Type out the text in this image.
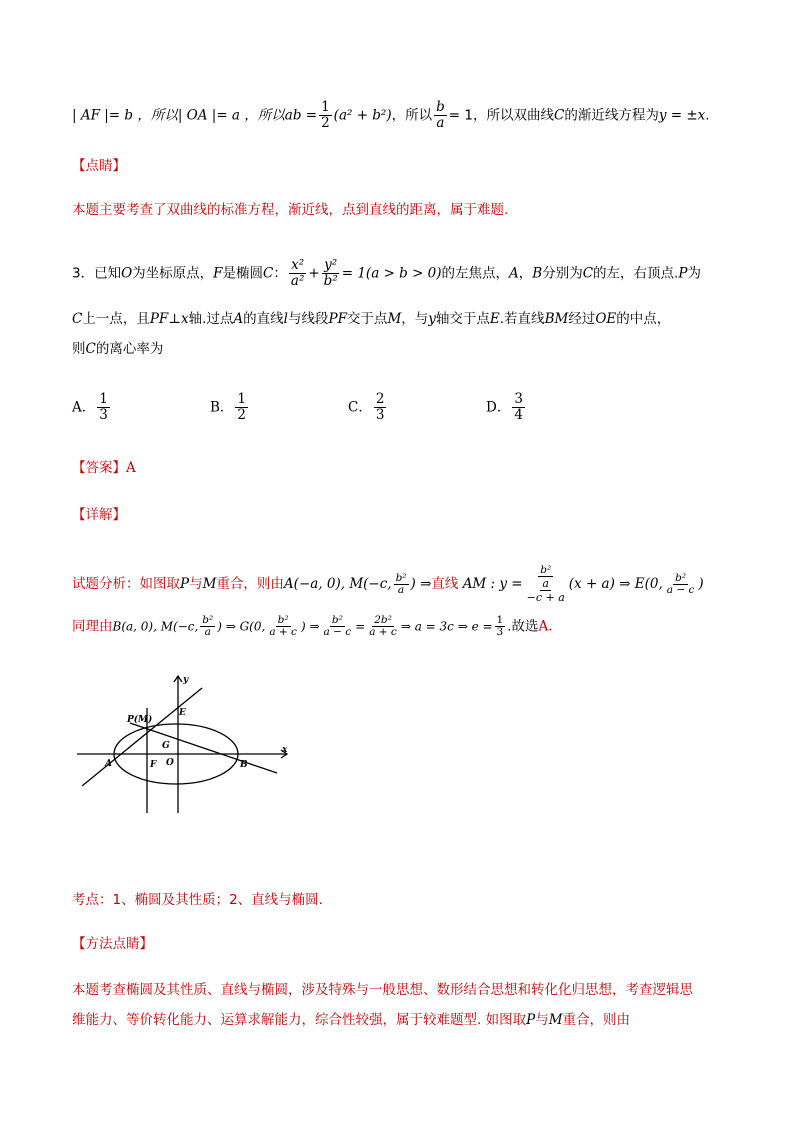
| AF |= b ，所以| OA |= a ，所以ab = $\frac{1}{2} (a^2 + b^2)$，所以 $\frac{b}{a} = 1$，所以双曲线C的渐近线方程为y = ±x.
【点睛】
本题主要考查了双曲线的标准方程，渐近线，点到直线的距离，属于难题.
3．已知O为坐标原点，F是椭圆C： $\frac{\text{x²}}{\text{a²}} + \frac{\text{y²}}{\text{b²}} = 1(a > b > 0)$的左焦点，A，B分别为C的左，右顶点.P为
C上一点，且PF⊥x轴.过点A的直线l与线段PF交于点M，与y轴交于点E.若直线BM经过OE的中点，
则C的离心率为
A． $\frac{1}{3}$	B． $\frac{1}{2}$	C． $\frac{2}{3}$	D． $\frac{3}{4}$
【答案】A
【详解】
试题分析：如图取P与M重合，则由A(−a, 0), M(−c, $\frac{\text{b²}}{a}$ ) ⇒直线 AM : y =
b²
a
−c + a
(x + a) ⇒ E(0, $\frac{\text{b²}}{a - c}$ )
同理由B(a, 0), M(−c, $\frac{\text{b²}}{a}$ ) ⇒ G(0, $\frac{\text{b²}}{a + c}$ ) ⇒ $\frac{\text{b²}}{a - c} = \frac{\text{2b²}}{a + c}$ ⇒ a = 3c ⇒ $e = \frac{1}{3}$ .故选A.
y
x
P(M)
E
G
A	F O	B
考点：1、椭圆及其性质；2、直线与椭圆.
【方法点睛】
本题考查椭圆及其性质、直线与椭圆，涉及特殊与一般思想、数形结合思想和转化化归思想，考查逻辑思
维能力、等价转化能力、运算求解能力，综合性较强，属于较难题型. 如图取P与M重合，则由
